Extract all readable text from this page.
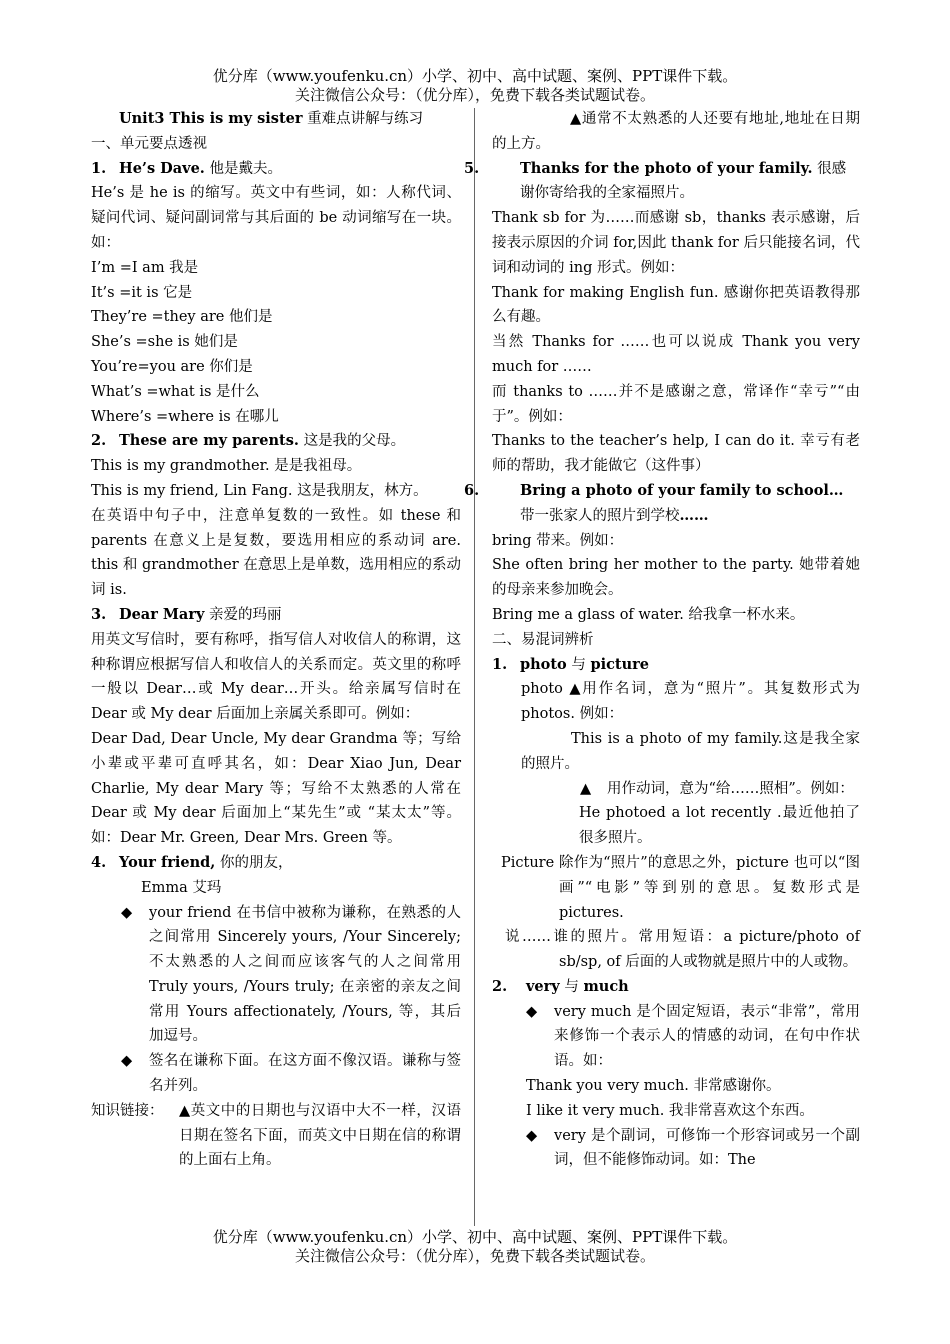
优分库（www.youfenku.cn）小学、初中、高中试题、案例、PPT课件下载。
关注微信公众号：（优分库），免费下载各类试题试卷。

Unit3 This is my sister 重难点讲解与练习

一、单元要点透视

1. He’s Dave. 他是戴夫。

He’s 是 he is 的缩写。英文中有些词，如：人称代词、疑问代词、疑问副词常与其后面的 be 动词缩写在一块。如：

I’m =I am 我是

It’s =it is 它是

They’re =they are 他们是

She’s =she is 她们是

You’re=you are 你们是

What’s =what is 是什么

Where’s =where is 在哪儿

2. These are my parents. 这是我的父母。

This is my grandmother. 是是我祖母。

This is my friend, Lin Fang. 这是我朋友，林方。

在英语中句子中，注意单复数的一致性。如 these 和 parents 在意义上是复数，要选用相应的系动词 are. this 和 grandmother 在意思上是单数，选用相应的系动词 is.

3. Dear Mary 亲爱的玛丽

用英文写信时，要有称呼，指写信人对收信人的称谓，这种称谓应根据写信人和收信人的关系而定。英文里的称呼一般以 Dear…或 My dear…开头。给亲属写信时在 Dear 或 My dear 后面加上亲属关系即可。例如：

Dear Dad, Dear Uncle, My dear Grandma 等；写给小辈或平辈可直呼其名，如：Dear Xiao Jun, Dear Charlie, My dear Mary 等；写给不太熟悉的人常在 Dear 或 My dear 后面加上“某先生”或 “某太太”等。如：Dear Mr. Green, Dear Mrs. Green 等。

4. Your friend, 你的朋友，

Emma 艾玛

◆ your friend 在书信中被称为谦称，在熟悉的人之间常用 Sincerely yours, /Your Sincerely; 不太熟悉的人之间而应该客气的人之间常用 Truly yours, /Yours truly; 在亲密的亲友之间常用 Yours affectionately, /Yours, 等，其后加逗号。

◆ 签名在谦称下面。在这方面不像汉语。谦称与签名并列。

知识链接：	▲英文中的日期也与汉语中大不一样，汉语日期在签名下面，而英文中日期在信的称谓的上面右上角。

▲通常不太熟悉的人还要有地址,地址在日期的上方。

5.	Thanks for the photo of your family. 很感谢你寄给我的全家福照片。

Thank sb for 为……而感谢 sb，thanks 表示感谢，后接表示原因的介词 for,因此 thank for 后只能接名词，代词和动词的 ing 形式。例如：

Thank for making English fun. 感谢你把英语教得那么有趣。

当然 Thanks for ……也可以说成 Thank you very much for ……

而 thanks to ……并不是感谢之意，常译作“幸亏”“由于”。例如：

Thanks to the teacher’s help, I can do it. 幸亏有老师的帮助，我才能做它（这件事）

6.	Bring a photo of your family to school… 带一张家人的照片到学校……

bring 带来。例如：

She often bring her mother to the party. 她带着她的母亲来参加晚会。

Bring me a glass of water. 给我拿一杯水来。

二、易混词辨析

1. photo 与 picture

photo ▲用作名词，意为“照片”。其复数形式为 photos. 例如：

This is a photo of my family.这是我全家的照片。

▲ 用作动词，意为“给……照相”。例如：

He photoed a lot recently .最近他拍了很多照片。

Picture 除作为“照片”的意思之外，picture 也可以“图画”“电影”等到别的意思。复数形式是 pictures.

说……谁的照片。常用短语：a picture/photo of sb/sp, of 后面的人或物就是照片中的人或物。

2. very 与 much

◆ very much 是个固定短语，表示“非常”，常用来修饰一个表示人的情感的动词，在句中作状语。如：

Thank you very much. 非常感谢你。

I like it very much. 我非常喜欢这个东西。

◆ very 是个副词，可修饰一个形容词或另一个副词，但不能修饰动词。如：The

优分库（www.youfenku.cn）小学、初中、高中试题、案例、PPT课件下载。
关注微信公众号：（优分库），免费下载各类试题试卷。
